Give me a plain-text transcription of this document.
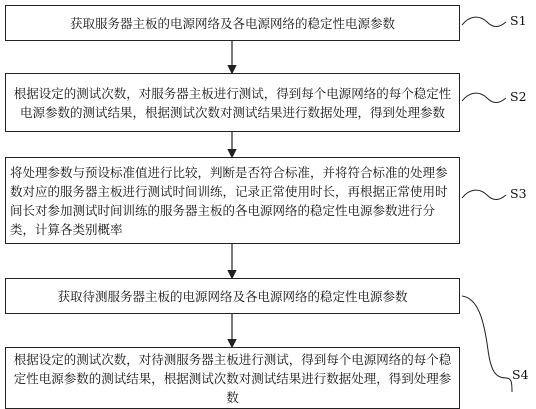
获取服务器主板的电源网络及各电源网络的稳定性电源参数
根据设定的测试次数，对服务器主板进行测试，得到每个电源网络的每个稳定性电源参数的测试结果，根据测试次数对测试结果进行数据处理，得到处理参数
将处理参数与预设标准值进行比较，判断是否符合标准，并将符合标准的处理参数对应的服务器主板进行测试时间训练，记录正常使用时长，再根据正常使用时间长对参加测试时间训练的服务器主板的各电源网络的稳定性电源参数进行分类，计算各类别概率
获取待测服务器主板的电源网络及各电源网络的稳定性电源参数
根据设定的测试次数，对待测服务器主板进行测试，得到每个电源网络的每个稳定性电源参数的测试结果，根据测试次数对测试结果进行数据处理，得到处理参数
S1
S2
S3
S4
